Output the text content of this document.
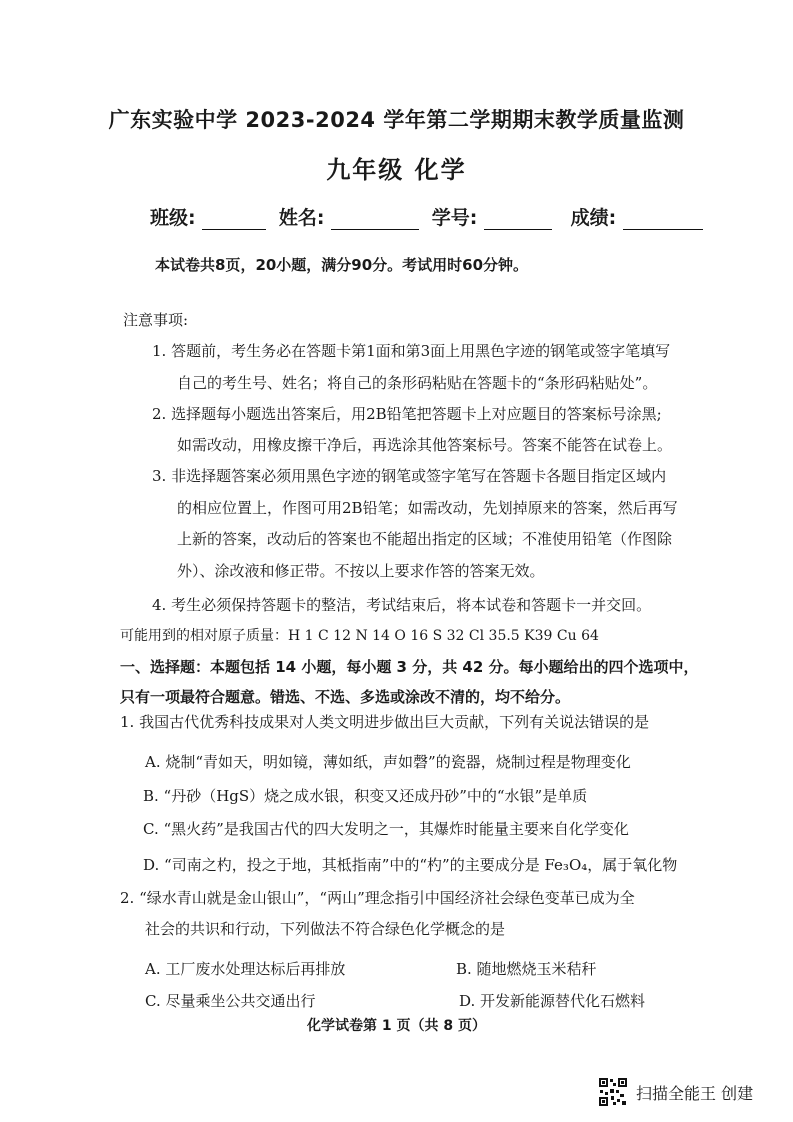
广东实验中学 2023-2024 学年第二学期期末教学质量监测
九年级 化学
班级:	姓名:	学号:	成绩:
本试卷共8页，20小题，满分90分。考试用时60分钟。
注意事项:
1. 答题前，考生务必在答题卡第1面和第3面上用黑色字迹的钢笔或签字笔填写
自己的考生号、姓名；将自己的条形码粘贴在答题卡的“条形码粘贴处”。
2. 选择题每小题选出答案后，用2B铅笔把答题卡上对应题目的答案标号涂黑;
如需改动，用橡皮擦干净后，再选涂其他答案标号。答案不能答在试卷上。
3. 非选择题答案必须用黑色字迹的钢笔或签字笔写在答题卡各题目指定区域内
的相应位置上，作图可用2B铅笔；如需改动，先划掉原来的答案，然后再写
上新的答案，改动后的答案也不能超出指定的区域；不准使用铅笔（作图除
外）、涂改液和修正带。不按以上要求作答的答案无效。
4. 考生必须保持答题卡的整洁，考试结束后，将本试卷和答题卡一并交回。
可能用到的相对原子质量：H 1 C 12 N 14 O 16 S 32 Cl 35.5 K39 Cu 64
一、选择题：本题包括 14 小题，每小题 3 分，共 42 分。每小题给出的四个选项中，
只有一项最符合题意。错选、不选、多选或涂改不清的，均不给分。
1. 我国古代优秀科技成果对人类文明进步做出巨大贡献，下列有关说法错误的是
A. 烧制“青如天，明如镜，薄如纸，声如磬”的瓷器，烧制过程是物理变化
B. “丹砂（HgS）烧之成水银，积变又还成丹砂”中的“水银”是单质
C. “黑火药”是我国古代的四大发明之一，其爆炸时能量主要来自化学变化
D. “司南之杓，投之于地，其柢指南”中的“杓”的主要成分是 Fe₃O₄，属于氧化物
2. “绿水青山就是金山银山”，“两山”理念指引中国经济社会绿色变革已成为全
社会的共识和行动，下列做法不符合绿色化学概念的是
A. 工厂废水处理达标后再排放	B. 随地燃烧玉米秸秆
C. 尽量乘坐公共交通出行	D. 开发新能源替代化石燃料
化学试卷第 1 页（共 8 页）
扫描全能王 创建
